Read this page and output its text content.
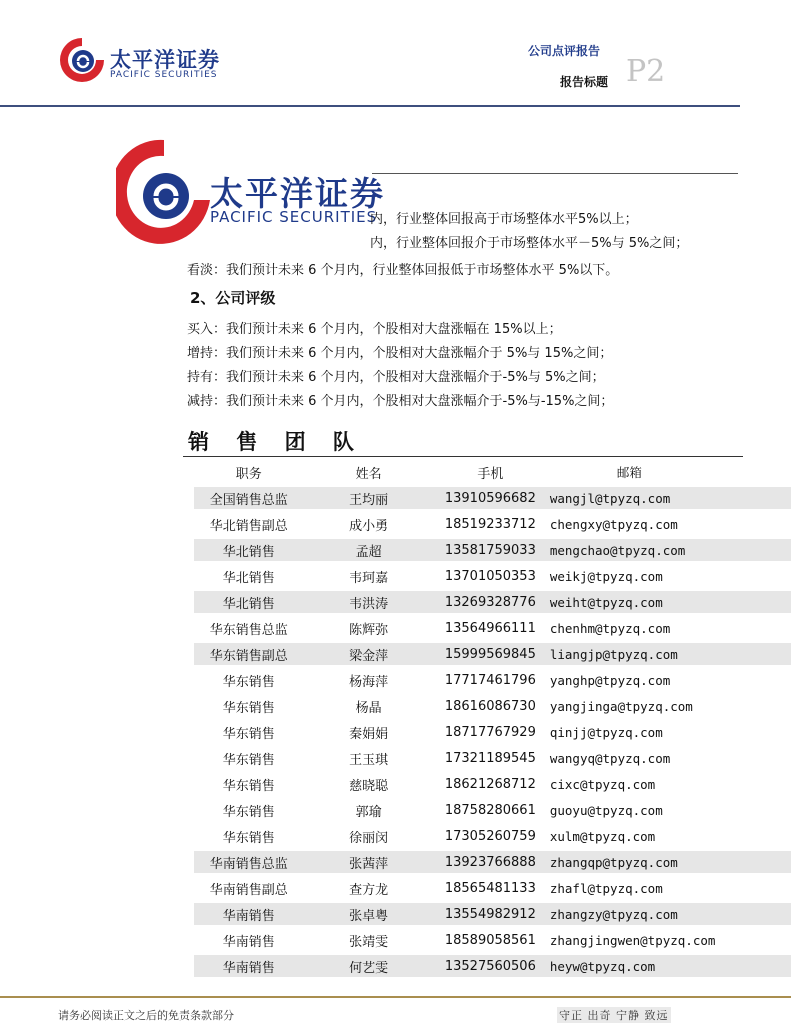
太平洋证券
PACIFIC SECURITIES
公司点评报告
报告标题 P2
太平洋证券
PACIFIC SECURITIES
内，行业整体回报高于市场整体水平5%以上；
内，行业整体回报介于市场整体水平－5%与 5%之间；
看淡：我们预计未来 6 个月内，行业整体回报低于市场整体水平 5%以下。
2、公司评级
买入：我们预计未来 6 个月内，个股相对大盘涨幅在 15%以上；
增持：我们预计未来 6 个月内，个股相对大盘涨幅介于 5%与 15%之间；
持有：我们预计未来 6 个月内，个股相对大盘涨幅介于-5%与 5%之间；
减持：我们预计未来 6 个月内，个股相对大盘涨幅介于-5%与-15%之间；
销 售 团 队
职务	姓名	手机	邮箱
全国销售总监	王均丽	13910596682	wangjl@tpyzq.com
华北销售副总	成小勇	18519233712	chengxy@tpyzq.com
华北销售	孟超	13581759033	mengchao@tpyzq.com
华北销售	韦珂嘉	13701050353	weikj@tpyzq.com
华北销售	韦洪涛	13269328776	weiht@tpyzq.com
华东销售总监	陈辉弥	13564966111	chenhm@tpyzq.com
华东销售副总	梁金萍	15999569845	liangjp@tpyzq.com
华东销售	杨海萍	17717461796	yanghp@tpyzq.com
华东销售	杨晶	18616086730	yangjinga@tpyzq.com
华东销售	秦娟娟	18717767929	qinjj@tpyzq.com
华东销售	王玉琪	17321189545	wangyq@tpyzq.com
华东销售	慈晓聪	18621268712	cixc@tpyzq.com
华东销售	郭瑜	18758280661	guoyu@tpyzq.com
华东销售	徐丽闵	17305260759	xulm@tpyzq.com
华南销售总监	张茜萍	13923766888	zhangqp@tpyzq.com
华南销售副总	查方龙	18565481133	zhafl@tpyzq.com
华南销售	张卓粤	13554982912	zhangzy@tpyzq.com
华南销售	张靖雯	18589058561	zhangjingwen@tpyzq.com
华南销售	何艺雯	13527560506	heyw@tpyzq.com
请务必阅读正文之后的免责条款部分	守正 出奇 宁静 致远
